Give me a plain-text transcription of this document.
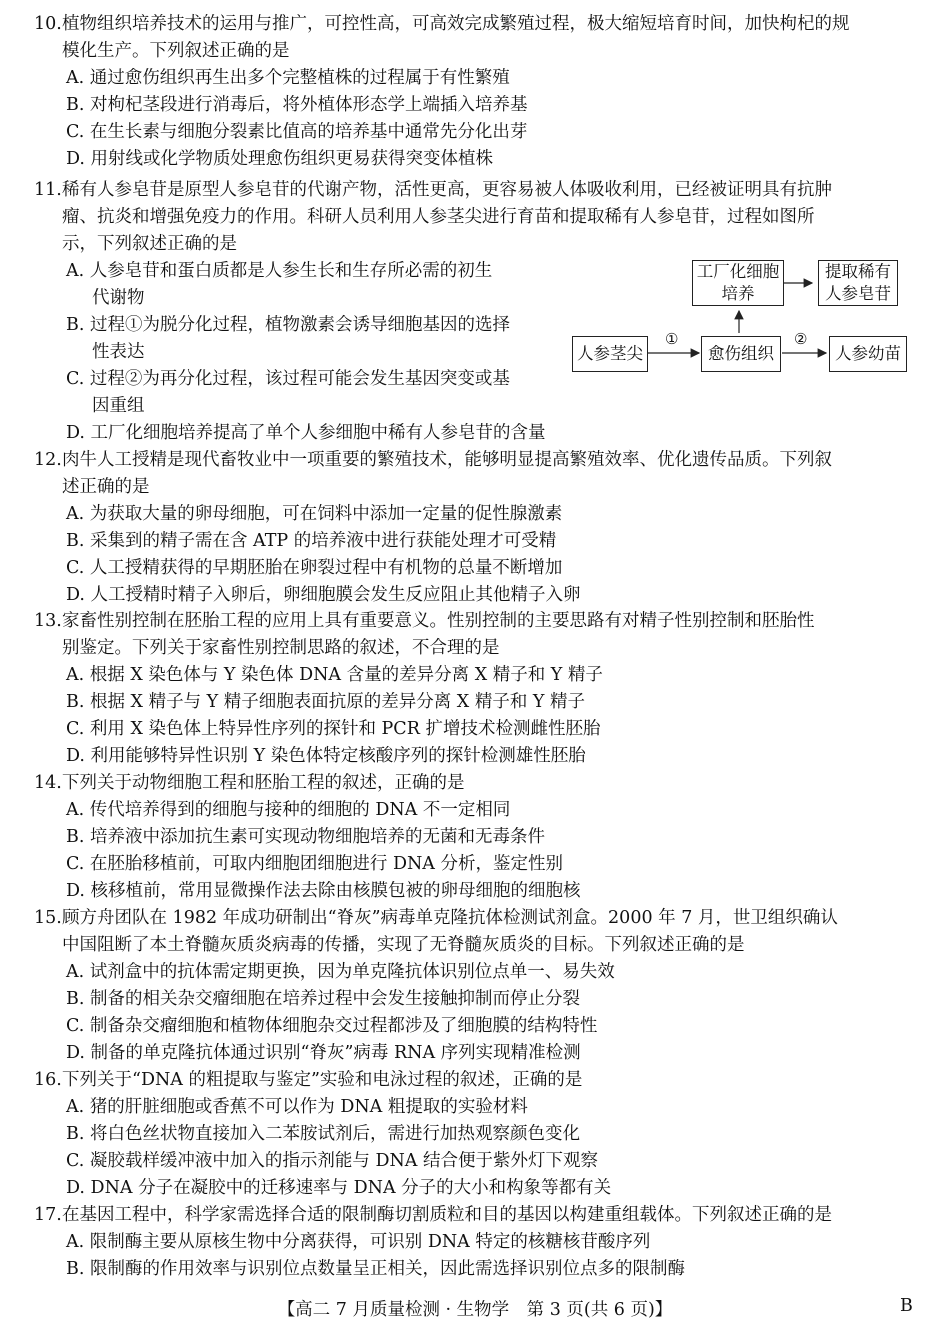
10.植物组织培养技术的运用与推广，可控性高，可高效完成繁殖过程，极大缩短培育时间，加快枸杞的规
模化生产。下列叙述正确的是
A. 通过愈伤组织再生出多个完整植株的过程属于有性繁殖
B. 对枸杞茎段进行消毒后，将外植体形态学上端插入培养基
C. 在生长素与细胞分裂素比值高的培养基中通常先分化出芽
D. 用射线或化学物质处理愈伤组织更易获得突变体植株
11.稀有人参皂苷是原型人参皂苷的代谢产物，活性更高，更容易被人体吸收利用，已经被证明具有抗肿
瘤、抗炎和增强免疫力的作用。科研人员利用人参茎尖进行育苗和提取稀有人参皂苷，过程如图所
示，下列叙述正确的是
A. 人参皂苷和蛋白质都是人参生长和生存所必需的初生
代谢物
B. 过程①为脱分化过程，植物激素会诱导细胞基因的选择
性表达
C. 过程②为再分化过程，该过程可能会发生基因突变或基
因重组
D. 工厂化细胞培养提高了单个人参细胞中稀有人参皂苷的含量
工厂化细胞
培养
提取稀有
人参皂苷
人参茎尖	愈伤组织	人参幼苗
①	②
12.肉牛人工授精是现代畜牧业中一项重要的繁殖技术，能够明显提高繁殖效率、优化遗传品质。下列叙
述正确的是
A. 为获取大量的卵母细胞，可在饲料中添加一定量的促性腺激素
B. 采集到的精子需在含 ATP 的培养液中进行获能处理才可受精
C. 人工授精获得的早期胚胎在卵裂过程中有机物的总量不断增加
D. 人工授精时精子入卵后，卵细胞膜会发生反应阻止其他精子入卵
13.家畜性别控制在胚胎工程的应用上具有重要意义。性别控制的主要思路有对精子性别控制和胚胎性
别鉴定。下列关于家畜性别控制思路的叙述，不合理的是
A. 根据 X 染色体与 Y 染色体 DNA 含量的差异分离 X 精子和 Y 精子
B. 根据 X 精子与 Y 精子细胞表面抗原的差异分离 X 精子和 Y 精子
C. 利用 X 染色体上特异性序列的探针和 PCR 扩增技术检测雌性胚胎
D. 利用能够特异性识别 Y 染色体特定核酸序列的探针检测雄性胚胎
14.下列关于动物细胞工程和胚胎工程的叙述，正确的是
A. 传代培养得到的细胞与接种的细胞的 DNA 不一定相同
B. 培养液中添加抗生素可实现动物细胞培养的无菌和无毒条件
C. 在胚胎移植前，可取内细胞团细胞进行 DNA 分析，鉴定性别
D. 核移植前，常用显微操作法去除由核膜包被的卵母细胞的细胞核
15.顾方舟团队在 1982 年成功研制出“脊灰”病毒单克隆抗体检测试剂盒。2000 年 7 月，世卫组织确认
中国阻断了本土脊髓灰质炎病毒的传播，实现了无脊髓灰质炎的目标。下列叙述正确的是
A. 试剂盒中的抗体需定期更换，因为单克隆抗体识别位点单一、易失效
B. 制备的相关杂交瘤细胞在培养过程中会发生接触抑制而停止分裂
C. 制备杂交瘤细胞和植物体细胞杂交过程都涉及了细胞膜的结构特性
D. 制备的单克隆抗体通过识别“脊灰”病毒 RNA 序列实现精准检测
16.下列关于“DNA 的粗提取与鉴定”实验和电泳过程的叙述，正确的是
A. 猪的肝脏细胞或香蕉不可以作为 DNA 粗提取的实验材料
B. 将白色丝状物直接加入二苯胺试剂后，需进行加热观察颜色变化
C. 凝胶载样缓冲液中加入的指示剂能与 DNA 结合便于紫外灯下观察
D. DNA 分子在凝胶中的迁移速率与 DNA 分子的大小和构象等都有关
17.在基因工程中，科学家需选择合适的限制酶切割质粒和目的基因以构建重组载体。下列叙述正确的是
A. 限制酶主要从原核生物中分离获得，可识别 DNA 特定的核糖核苷酸序列
B. 限制酶的作用效率与识别位点数量呈正相关，因此需选择识别位点多的限制酶
【高二 7 月质量检测 · 生物学　第 3 页(共 6 页)】	B
